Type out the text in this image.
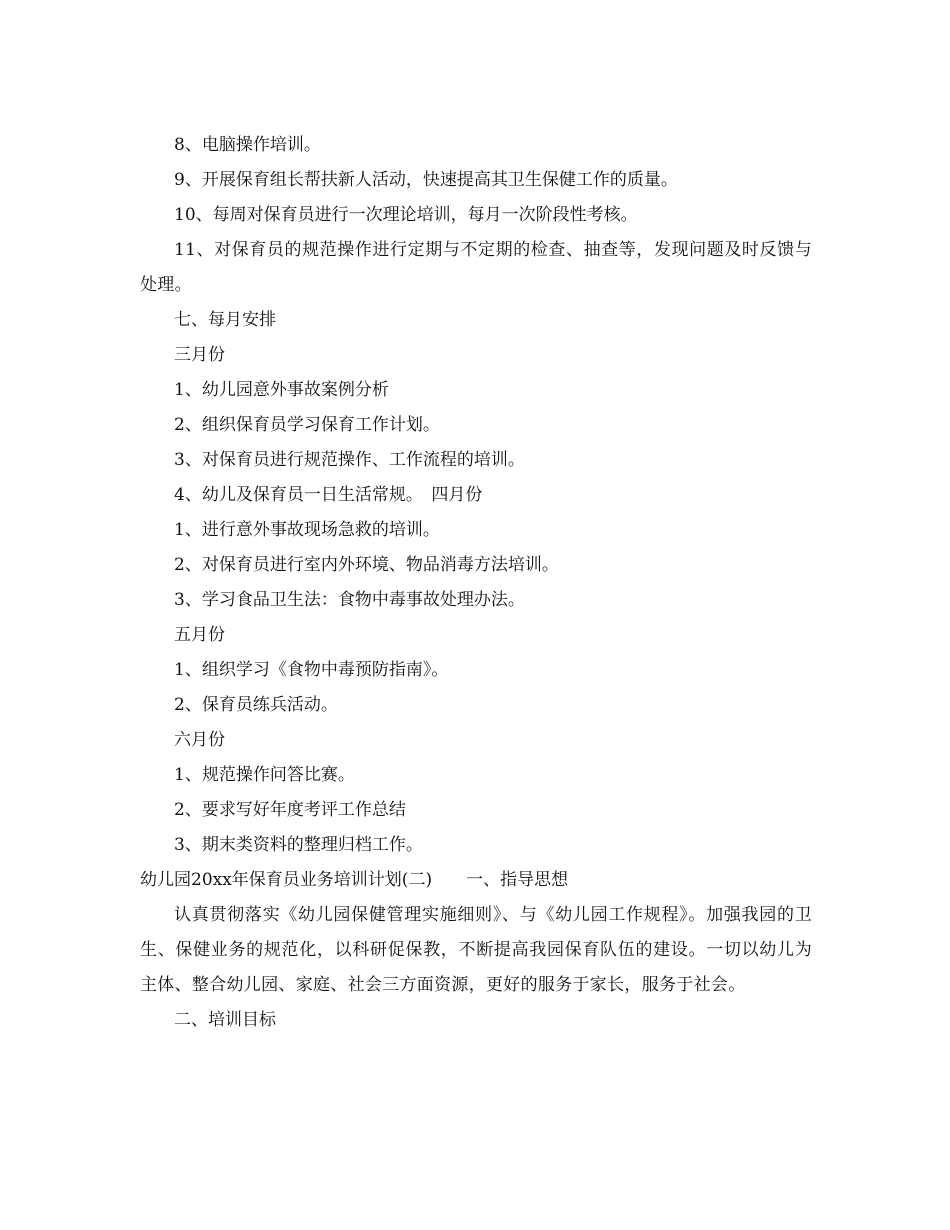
8、电脑操作培训。

9、开展保育组长帮扶新人活动，快速提高其卫生保健工作的质量。

10、每周对保育员进行一次理论培训，每月一次阶段性考核。

11、对保育员的规范操作进行定期与不定期的检查、抽查等，发现问题及时反馈与处理。

七、每月安排

三月份

1、幼儿园意外事故案例分析

2、组织保育员学习保育工作计划。

3、对保育员进行规范操作、工作流程的培训。

4、幼儿及保育员一日生活常规。　四月份

1、进行意外事故现场急救的培训。

2、对保育员进行室内外环境、物品消毒方法培训。

3、学习食品卫生法：食物中毒事故处理办法。

五月份

1、组织学习《食物中毒预防指南》。

2、保育员练兵活动。

六月份

1、规范操作问答比赛。

2、要求写好年度考评工作总结

3、期末类资料的整理归档工作。

幼儿园20xx年保育员业务培训计划(二)　　一、指导思想

认真贯彻落实《幼儿园保健管理实施细则》、与《幼儿园工作规程》。加强我园的卫生、保健业务的规范化，以科研促保教，不断提高我园保育队伍的建设。一切以幼儿为主体、整合幼儿园、家庭、社会三方面资源，更好的服务于家长，服务于社会。

二、培训目标
